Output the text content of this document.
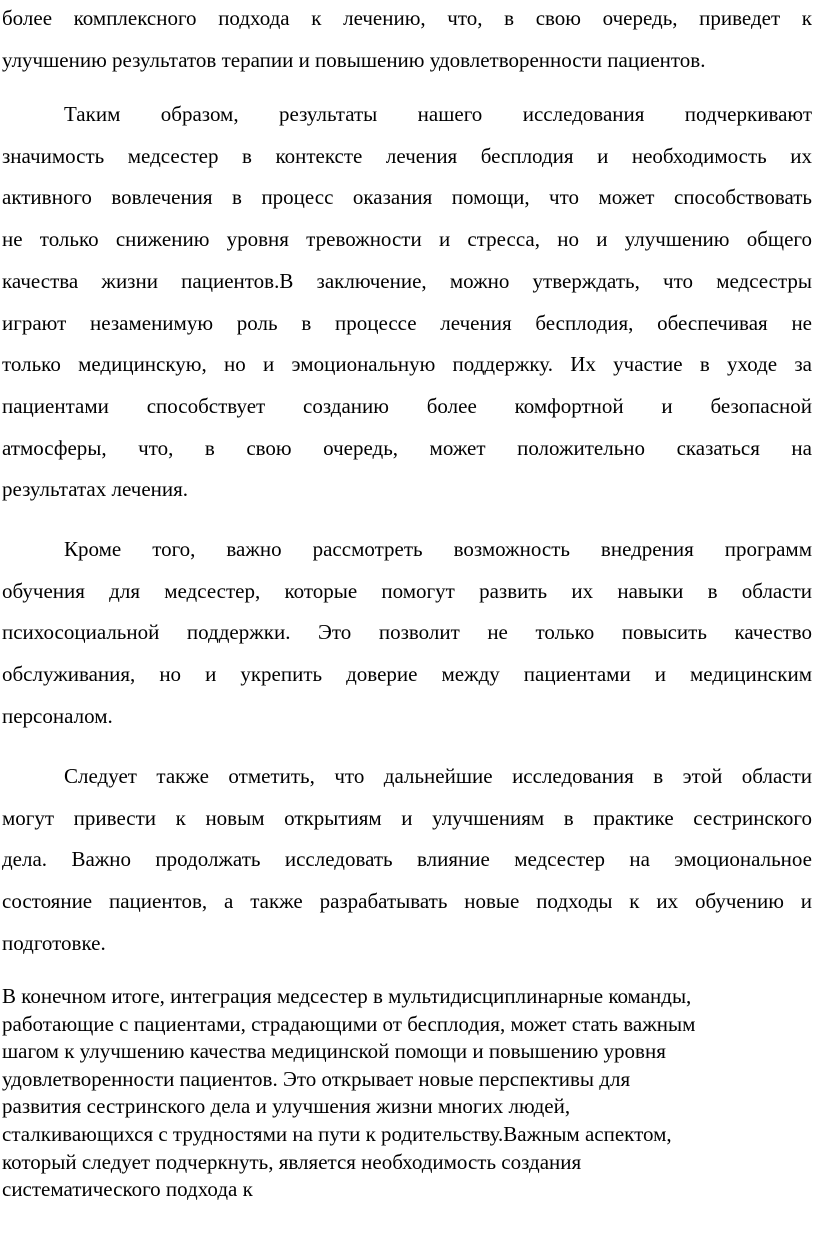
более комплексного подхода к лечению, что, в свою очередь, приведет к
улучшению результатов терапии и повышению удовлетворенности пациентов.

Таким образом, результаты нашего исследования подчеркивают
значимость медсестер в контексте лечения бесплодия и необходимость их
активного вовлечения в процесс оказания помощи, что может способствовать
не только снижению уровня тревожности и стресса, но и улучшению общего
качества жизни пациентов.В заключение, можно утверждать, что медсестры
играют незаменимую роль в процессе лечения бесплодия, обеспечивая не
только медицинскую, но и эмоциональную поддержку. Их участие в уходе за
пациентами способствует созданию более комфортной и безопасной
атмосферы, что, в свою очередь, может положительно сказаться на
результатах лечения.

Кроме того, важно рассмотреть возможность внедрения программ
обучения для медсестер, которые помогут развить их навыки в области
психосоциальной поддержки. Это позволит не только повысить качество
обслуживания, но и укрепить доверие между пациентами и медицинским
персоналом.

Следует также отметить, что дальнейшие исследования в этой области
могут привести к новым открытиям и улучшениям в практике сестринского
дела. Важно продолжать исследовать влияние медсестер на эмоциональное
состояние пациентов, а также разрабатывать новые подходы к их обучению и
подготовке.

В конечном итоге, интеграция медсестер в мультидисциплинарные команды,
работающие с пациентами, страдающими от бесплодия, может стать важным
шагом к улучшению качества медицинской помощи и повышению уровня
удовлетворенности пациентов. Это открывает новые перспективы для
развития сестринского дела и улучшения жизни многих людей,
сталкивающихся с трудностями на пути к родительству.Важным аспектом,
который следует подчеркнуть, является необходимость создания
систематического подхода к
